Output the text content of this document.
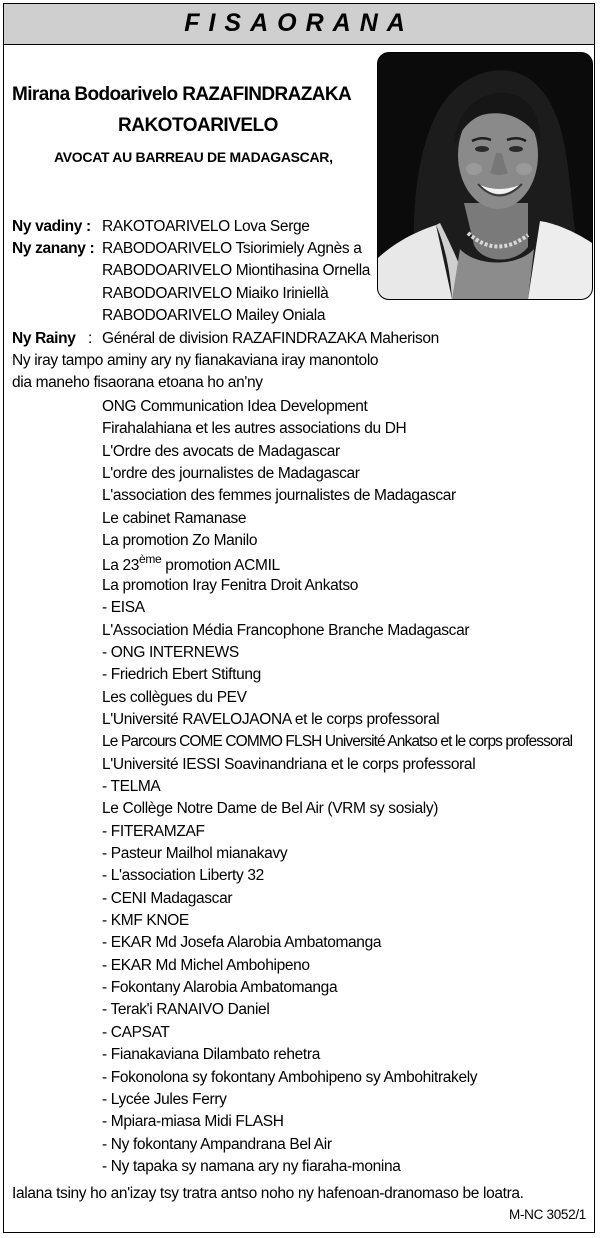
FISAORANA
Mirana Bodoarivelo RAZAFINDRAZAKA
RAKOTOARIVELO
AVOCAT AU BARREAU DE MADAGASCAR,
Ny vadiny : RAKOTOARIVELO Lova Serge
Ny zanany : RABODOARIVELO Tsiorimiely Agnès a
RABODOARIVELO Miontihasina Ornella
RABODOARIVELO Miaiko Iriniellà
RABODOARIVELO Mailey Oniala
Ny Rainy : Général de division RAZAFINDRAZAKA Maherison
Ny iray tampo aminy ary ny fianakaviana iray manontolo
dia maneho fisaorana etoana ho an'ny
ONG Communication Idea Development
Firahalahiana et les autres associations du DH
L'Ordre des avocats de Madagascar
L'ordre des journalistes de Madagascar
L'association des femmes journalistes de Madagascar
Le cabinet Ramanase
La promotion Zo Manilo
La 23ème promotion ACMIL
La promotion Iray Fenitra Droit Ankatso
- EISA
L'Association Média Francophone Branche Madagascar
- ONG INTERNEWS
- Friedrich Ebert Stiftung
Les collègues du PEV
L'Université RAVELOJAONA et le corps professoral
Le Parcours COME COMMO FLSH Université Ankatso et le corps professoral
L'Université IESSI Soavinandriana et le corps professoral
- TELMA
Le Collège Notre Dame de Bel Air (VRM sy sosialy)
- FITERAMZAF
- Pasteur Mailhol mianakavy
- L'association Liberty 32
- CENI Madagascar
- KMF KNOE
- EKAR Md Josefa Alarobia Ambatomanga
- EKAR Md Michel Ambohipeno
- Fokontany Alarobia Ambatomanga
- Terak'i RANAIVO Daniel
- CAPSAT
- Fianakaviana Dilambato rehetra
- Fokonolona sy fokontany Ambohipeno sy Ambohitrakely
- Lycée Jules Ferry
- Mpiara-miasa Midi FLASH
- Ny fokontany Ampandrana Bel Air
- Ny tapaka sy namana ary ny fiaraha-monina
Ialana tsiny ho an'izay tsy tratra antso noho ny hafenoan-dranomaso be loatra.
M-NC 3052/1
